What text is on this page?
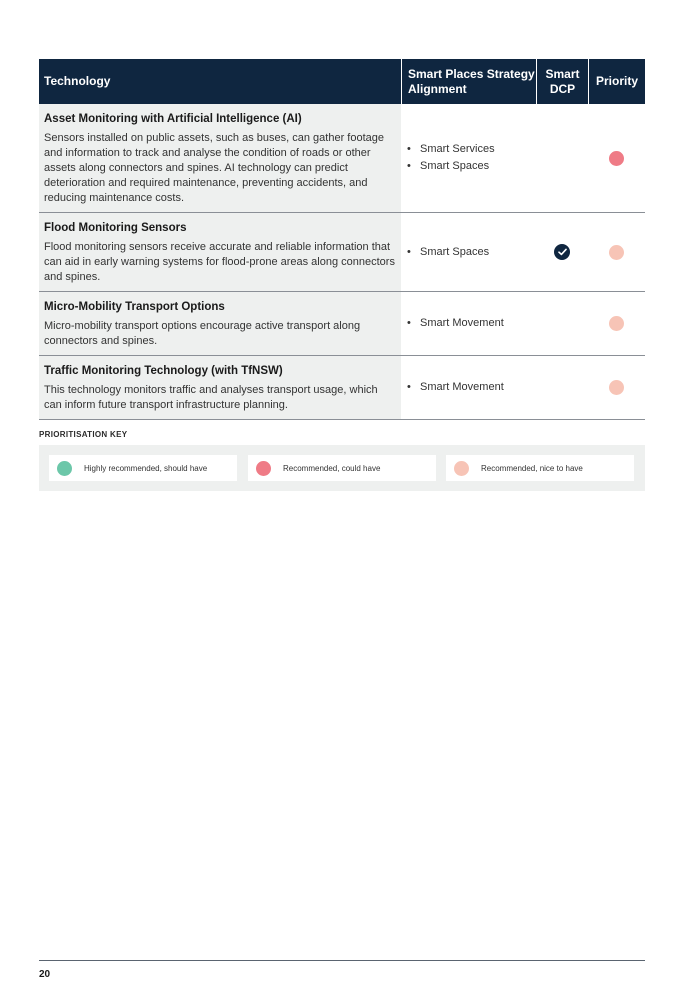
Technology
Smart Places Strategy Alignment
Smart DCP
Priority
Asset Monitoring with Artificial Intelligence (AI)
Sensors installed on public assets, such as buses, can gather footage and information to track and analyse the condition of roads or other assets along connectors and spines. AI technology can predict deterioration and required maintenance, preventing accidents, and reducing maintenance costs.
• Smart Services
• Smart Spaces
Flood Monitoring Sensors
Flood monitoring sensors receive accurate and reliable information that can aid in early warning systems for flood-prone areas along connectors and spines.
• Smart Spaces
Micro-Mobility Transport Options
Micro-mobility transport options encourage active transport along connectors and spines.
• Smart Movement
Traffic Monitoring Technology (with TfNSW)
This technology monitors traffic and analyses transport usage, which can inform future transport infrastructure planning.
• Smart Movement
PRIORITISATION KEY
Highly recommended, should have	Recommended, could have	Recommended, nice to have
20
